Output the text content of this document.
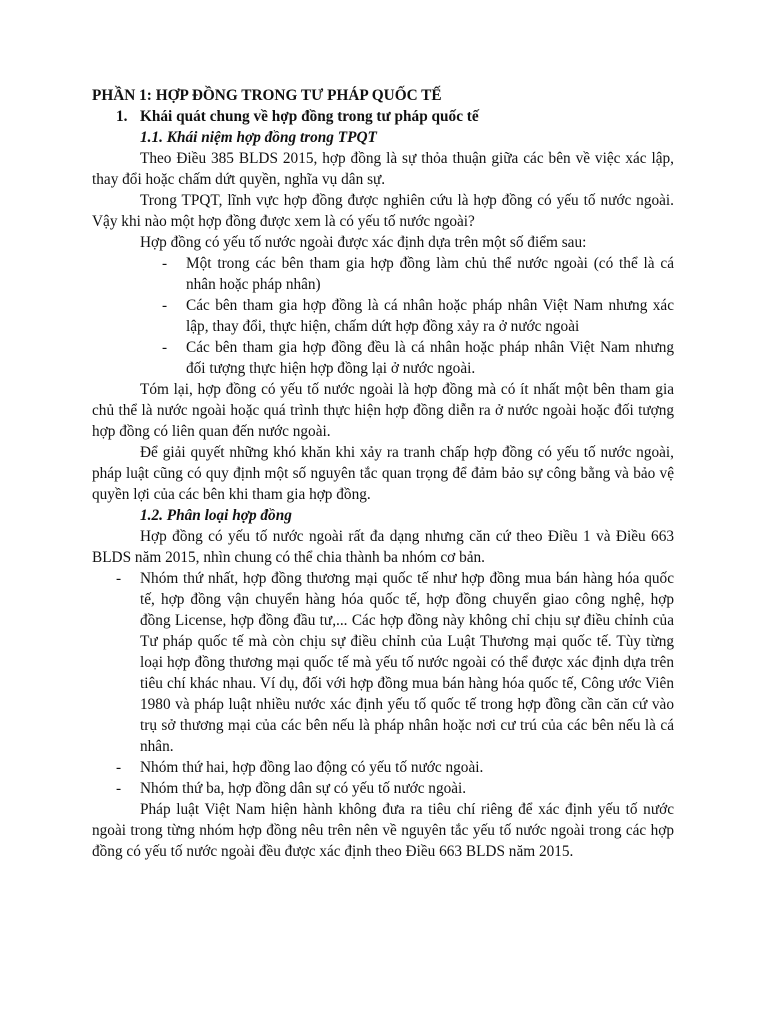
PHẦN 1: HỢP ĐỒNG TRONG TƯ PHÁP QUỐC TẾ

1. Khái quát chung về hợp đồng trong tư pháp quốc tế

1.1. Khái niệm hợp đồng trong TPQT

Theo Điều 385 BLDS 2015, hợp đồng là sự thỏa thuận giữa các bên về việc xác lập, thay đổi hoặc chấm dứt quyền, nghĩa vụ dân sự.

Trong TPQT, lĩnh vực hợp đồng được nghiên cứu là hợp đồng có yếu tố nước ngoài. Vậy khi nào một hợp đồng được xem là có yếu tố nước ngoài?

Hợp đồng có yếu tố nước ngoài được xác định dựa trên một số điểm sau:

- Một trong các bên tham gia hợp đồng làm chủ thể nước ngoài (có thể là cá nhân hoặc pháp nhân)
- Các bên tham gia hợp đồng là cá nhân hoặc pháp nhân Việt Nam nhưng xác lập, thay đổi, thực hiện, chấm dứt hợp đồng xảy ra ở nước ngoài
- Các bên tham gia hợp đồng đều là cá nhân hoặc pháp nhân Việt Nam nhưng đối tượng thực hiện hợp đồng lại ở nước ngoài.

Tóm lại, hợp đồng có yếu tố nước ngoài là hợp đồng mà có ít nhất một bên tham gia chủ thể là nước ngoài hoặc quá trình thực hiện hợp đồng diễn ra ở nước ngoài hoặc đối tượng hợp đồng có liên quan đến nước ngoài.

Để giải quyết những khó khăn khi xảy ra tranh chấp hợp đồng có yếu tố nước ngoài, pháp luật cũng có quy định một số nguyên tắc quan trọng để đảm bảo sự công bằng và bảo vệ quyền lợi của các bên khi tham gia hợp đồng.

1.2. Phân loại hợp đồng

Hợp đồng có yếu tố nước ngoài rất đa dạng nhưng căn cứ theo Điều 1 và Điều 663 BLDS năm 2015, nhìn chung có thể chia thành ba nhóm cơ bản.

- Nhóm thứ nhất, hợp đồng thương mại quốc tế như hợp đồng mua bán hàng hóa quốc tế, hợp đồng vận chuyển hàng hóa quốc tế, hợp đồng chuyển giao công nghệ, hợp đồng License, hợp đồng đầu tư,... Các hợp đồng này không chỉ chịu sự điều chỉnh của Tư pháp quốc tế mà còn chịu sự điều chỉnh của Luật Thương mại quốc tế. Tùy từng loại hợp đồng thương mại quốc tế mà yếu tố nước ngoài có thể được xác định dựa trên tiêu chí khác nhau. Ví dụ, đối với hợp đồng mua bán hàng hóa quốc tế, Công ước Viên 1980 và pháp luật nhiều nước xác định yếu tố quốc tế trong hợp đồng cần căn cứ vào trụ sở thương mại của các bên nếu là pháp nhân hoặc nơi cư trú của các bên nếu là cá nhân.
- Nhóm thứ hai, hợp đồng lao động có yếu tố nước ngoài.
- Nhóm thứ ba, hợp đồng dân sự có yếu tố nước ngoài.

Pháp luật Việt Nam hiện hành không đưa ra tiêu chí riêng để xác định yếu tố nước ngoài trong từng nhóm hợp đồng nêu trên nên về nguyên tắc yếu tố nước ngoài trong các hợp đồng có yếu tố nước ngoài đều được xác định theo Điều 663 BLDS năm 2015.
